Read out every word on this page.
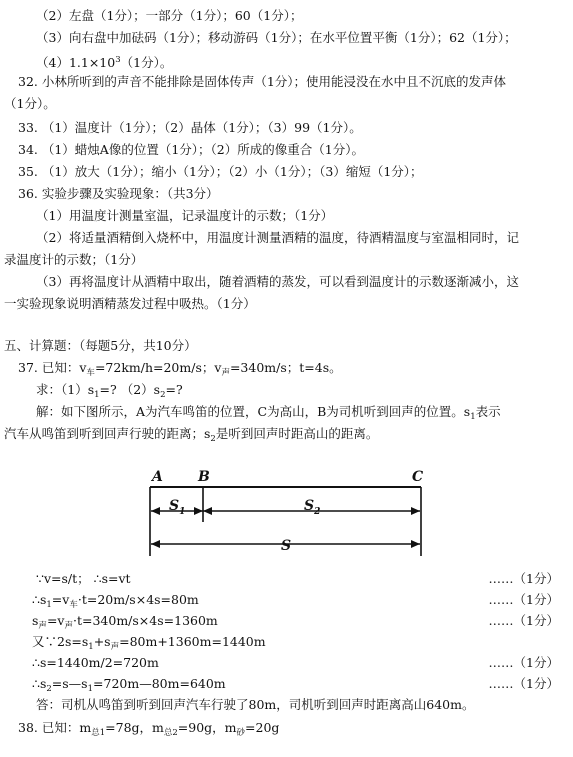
（2）左盘（1分）；一部分（1分）；60（1分）；
（3）向右盘中加砝码（1分）；移动游码（1分）；在水平位置平衡（1分）；62（1分）；
$(4)1.1\times 10^3(1$分）。
32. 小林所听到的声音不能排除是固体传声（1分）；使用能浸没在水中且不沉底的发声体
（1分）。
33. （1）温度计（1分）；（2）晶体（1分）；（3）99（1分）。
34. （1）蜡烛A像的位置（1分）；（2）所成的像重合（1分）。
35. （1）放大（1分）；缩小（1分）；（2）小（1分）；（3）缩短（1分）；
36. 实验步骤及实验现象：（共3分）
（1）用温度计测量室温，记录温度计的示数；（1分）
（2）将适量酒精倒入烧杯中，用温度计测量酒精的温度，待酒精温度与室温相同时，记
录温度计的示数；（1分）
（3）再将温度计从酒精中取出，随着酒精的蒸发，可以看到温度计的示数逐渐减小，这
一实验现象说明酒精蒸发过程中吸热。（1分）
五、计算题：（每题5分，共10分）
37. 已知：$v_车=72km/h=20m/s$；$v_声=340m/s$；t=4s。
求：$(1)s_1=$? $(2)s_2=$?
解：如下图所示，A为汽车鸣笛的位置，C为高山，B为司机听到回声的位置。$s_1$表示
汽车从鸣笛到听到回声行驶的距离；$s_2$是听到回声时距高山的距离。
A	B	C
$S_1$	$S_2$
S
∵v=s/t； ∴s=vt	……（1分）
$\therefore s_1=v_车\cdot t=20m/s\times 4s=80m$	……（1分）
$s_声=v_声\cdot t=340m/s\times 4s=1360m$	……（1分）
又$\because 2s=s_1+s_声=80m+1360m=1440m$
∴s=1440m/2=720m	……（1分）
$\therefore s_2=s—s_1=720m—80m=640m$	……（1分）
答：司机从鸣笛到听到回声汽车行驶了80m，司机听到回声时距离高山640m。
38. 已知：$m_{总1}=78g$，$m_{总2}=90g$，$m_砂=20g$
